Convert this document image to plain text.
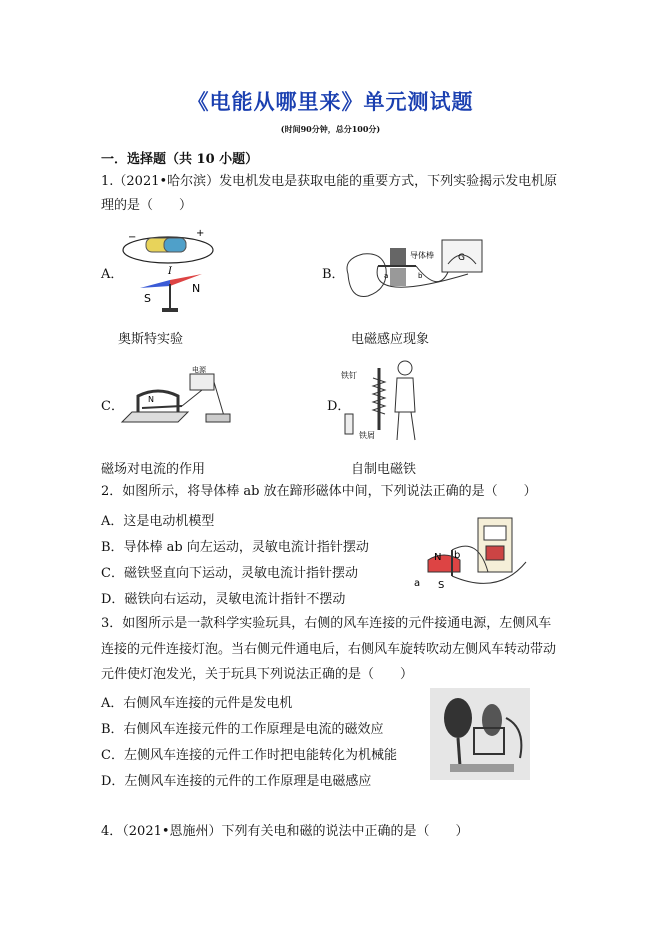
《电能从哪里来》单元测试题
(时间90分钟，总分100分)
一．选择题（共 10 小题）
1.（2021•哈尔滨）发电机发电是获取电能的重要方式，下列实验揭示发电机原
理的是（　　）
A．
−	+
I
S
N
奥斯特实验
B．
导体棒
a	b
G
电磁感应现象
C．
电源
N
磁场对电流的作用
D．
铁钉
铁屑
自制电磁铁
2．如图所示，将导体棒 ab 放在蹄形磁体中间，下列说法正确的是（　　）
A．这是电动机模型
B．导体棒 ab 向左运动，灵敏电流计指针摆动
C．磁铁竖直向下运动，灵敏电流计指针摆动
D．磁铁向右运动，灵敏电流计指针不摆动
N
S
b
a
3．如图所示是一款科学实验玩具，右侧的风车连接的元件接通电源，左侧风车
连接的元件连接灯泡。当右侧元件通电后，右侧风车旋转吹动左侧风车转动带动
元件使灯泡发光，关于玩具下列说法正确的是（　　）
A．右侧风车连接的元件是发电机
B．右侧风车连接元件的工作原理是电流的磁效应
C．左侧风车连接的元件工作时把电能转化为机械能
D．左侧风车连接的元件的工作原理是电磁感应
4．（2021•恩施州）下列有关电和磁的说法中正确的是（　　）
